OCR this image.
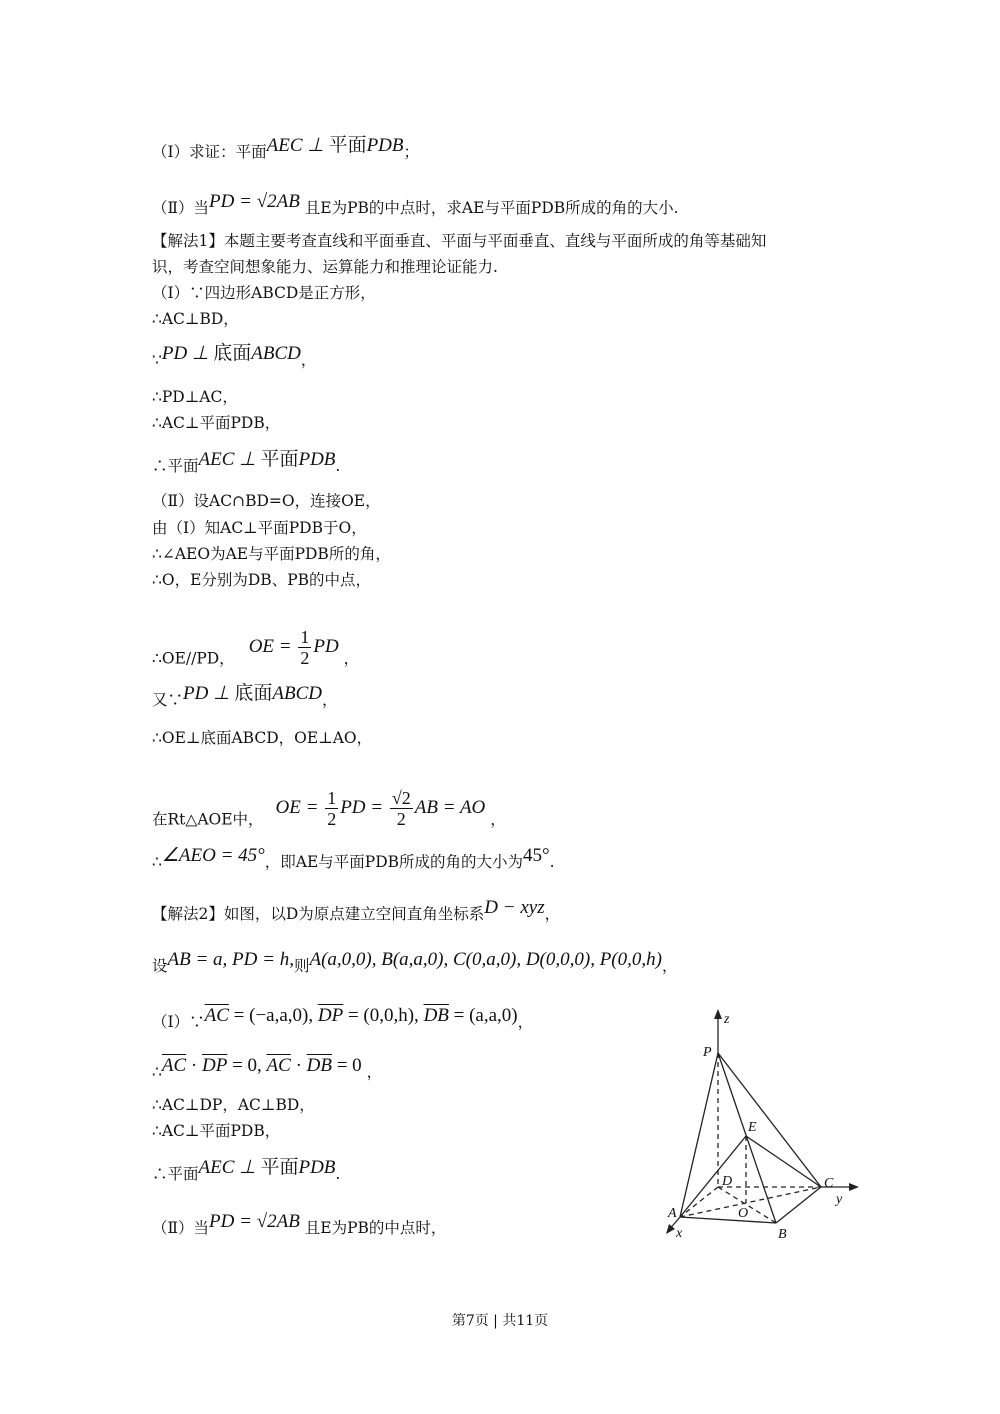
（Ⅰ）求证：平面AEC ⊥ 平面PDB；
（Ⅱ）当PD = √2AB 且E为PB的中点时，求AE与平面PDB所成的角的大小.
【解法1】本题主要考查直线和平面垂直、平面与平面垂直、直线与平面所成的角等基础知
识，考查空间想象能力、运算能力和推理论证能力.
（Ⅰ）∵四边形ABCD是正方形，
∴AC⊥BD，
∵PD ⊥ 底面ABCD，
∴PD⊥AC，
∴AC⊥平面PDB，
∴平面AEC ⊥ 平面PDB.
（Ⅱ）设AC∩BD=O，连接OE，
由（Ⅰ）知AC⊥平面PDB于O，
∴∠AEO为AE与平面PDB所的角，
∴O，E分别为DB、PB的中点，
∴OE//PD，OE = $\frac{1}{2}$ PD ，
又∵PD ⊥ 底面ABCD，
∴OE⊥底面ABCD，OE⊥AO，
在Rt△AOE中，OE = $\frac{1}{2}$ PD = $\frac{√2}{2}$ AB = AO ，
∴∠AEO = 45°，即AE与平面PDB所成的角的大小为45°.
【解法2】如图，以D为原点建立空间直角坐标系D − xyz，
设AB = a, PD = h,则A(a,0,0), B(a,a,0), C(0,a,0), D(0,0,0), P(0,0,h)，
$(Ⅰ)\because\overline{AC} = (-a,a,0)$, $\overline{DP} = (0,0,h)$, $\overline{DB} = (a,a,0)$，
$\therefore\overline{AC} \cdot \overline{DP} = 0$, $\overline{AC} \cdot \overline{DB} = 0$ ，
∴AC⊥DP，AC⊥BD，
∴AC⊥平面PDB，
∴平面AEC ⊥ 平面PDB.
（Ⅱ）当PD = √2AB 且E为PB的中点时，
P
z
E
D	C
y
A	O
B
x
第7页 | 共11页
